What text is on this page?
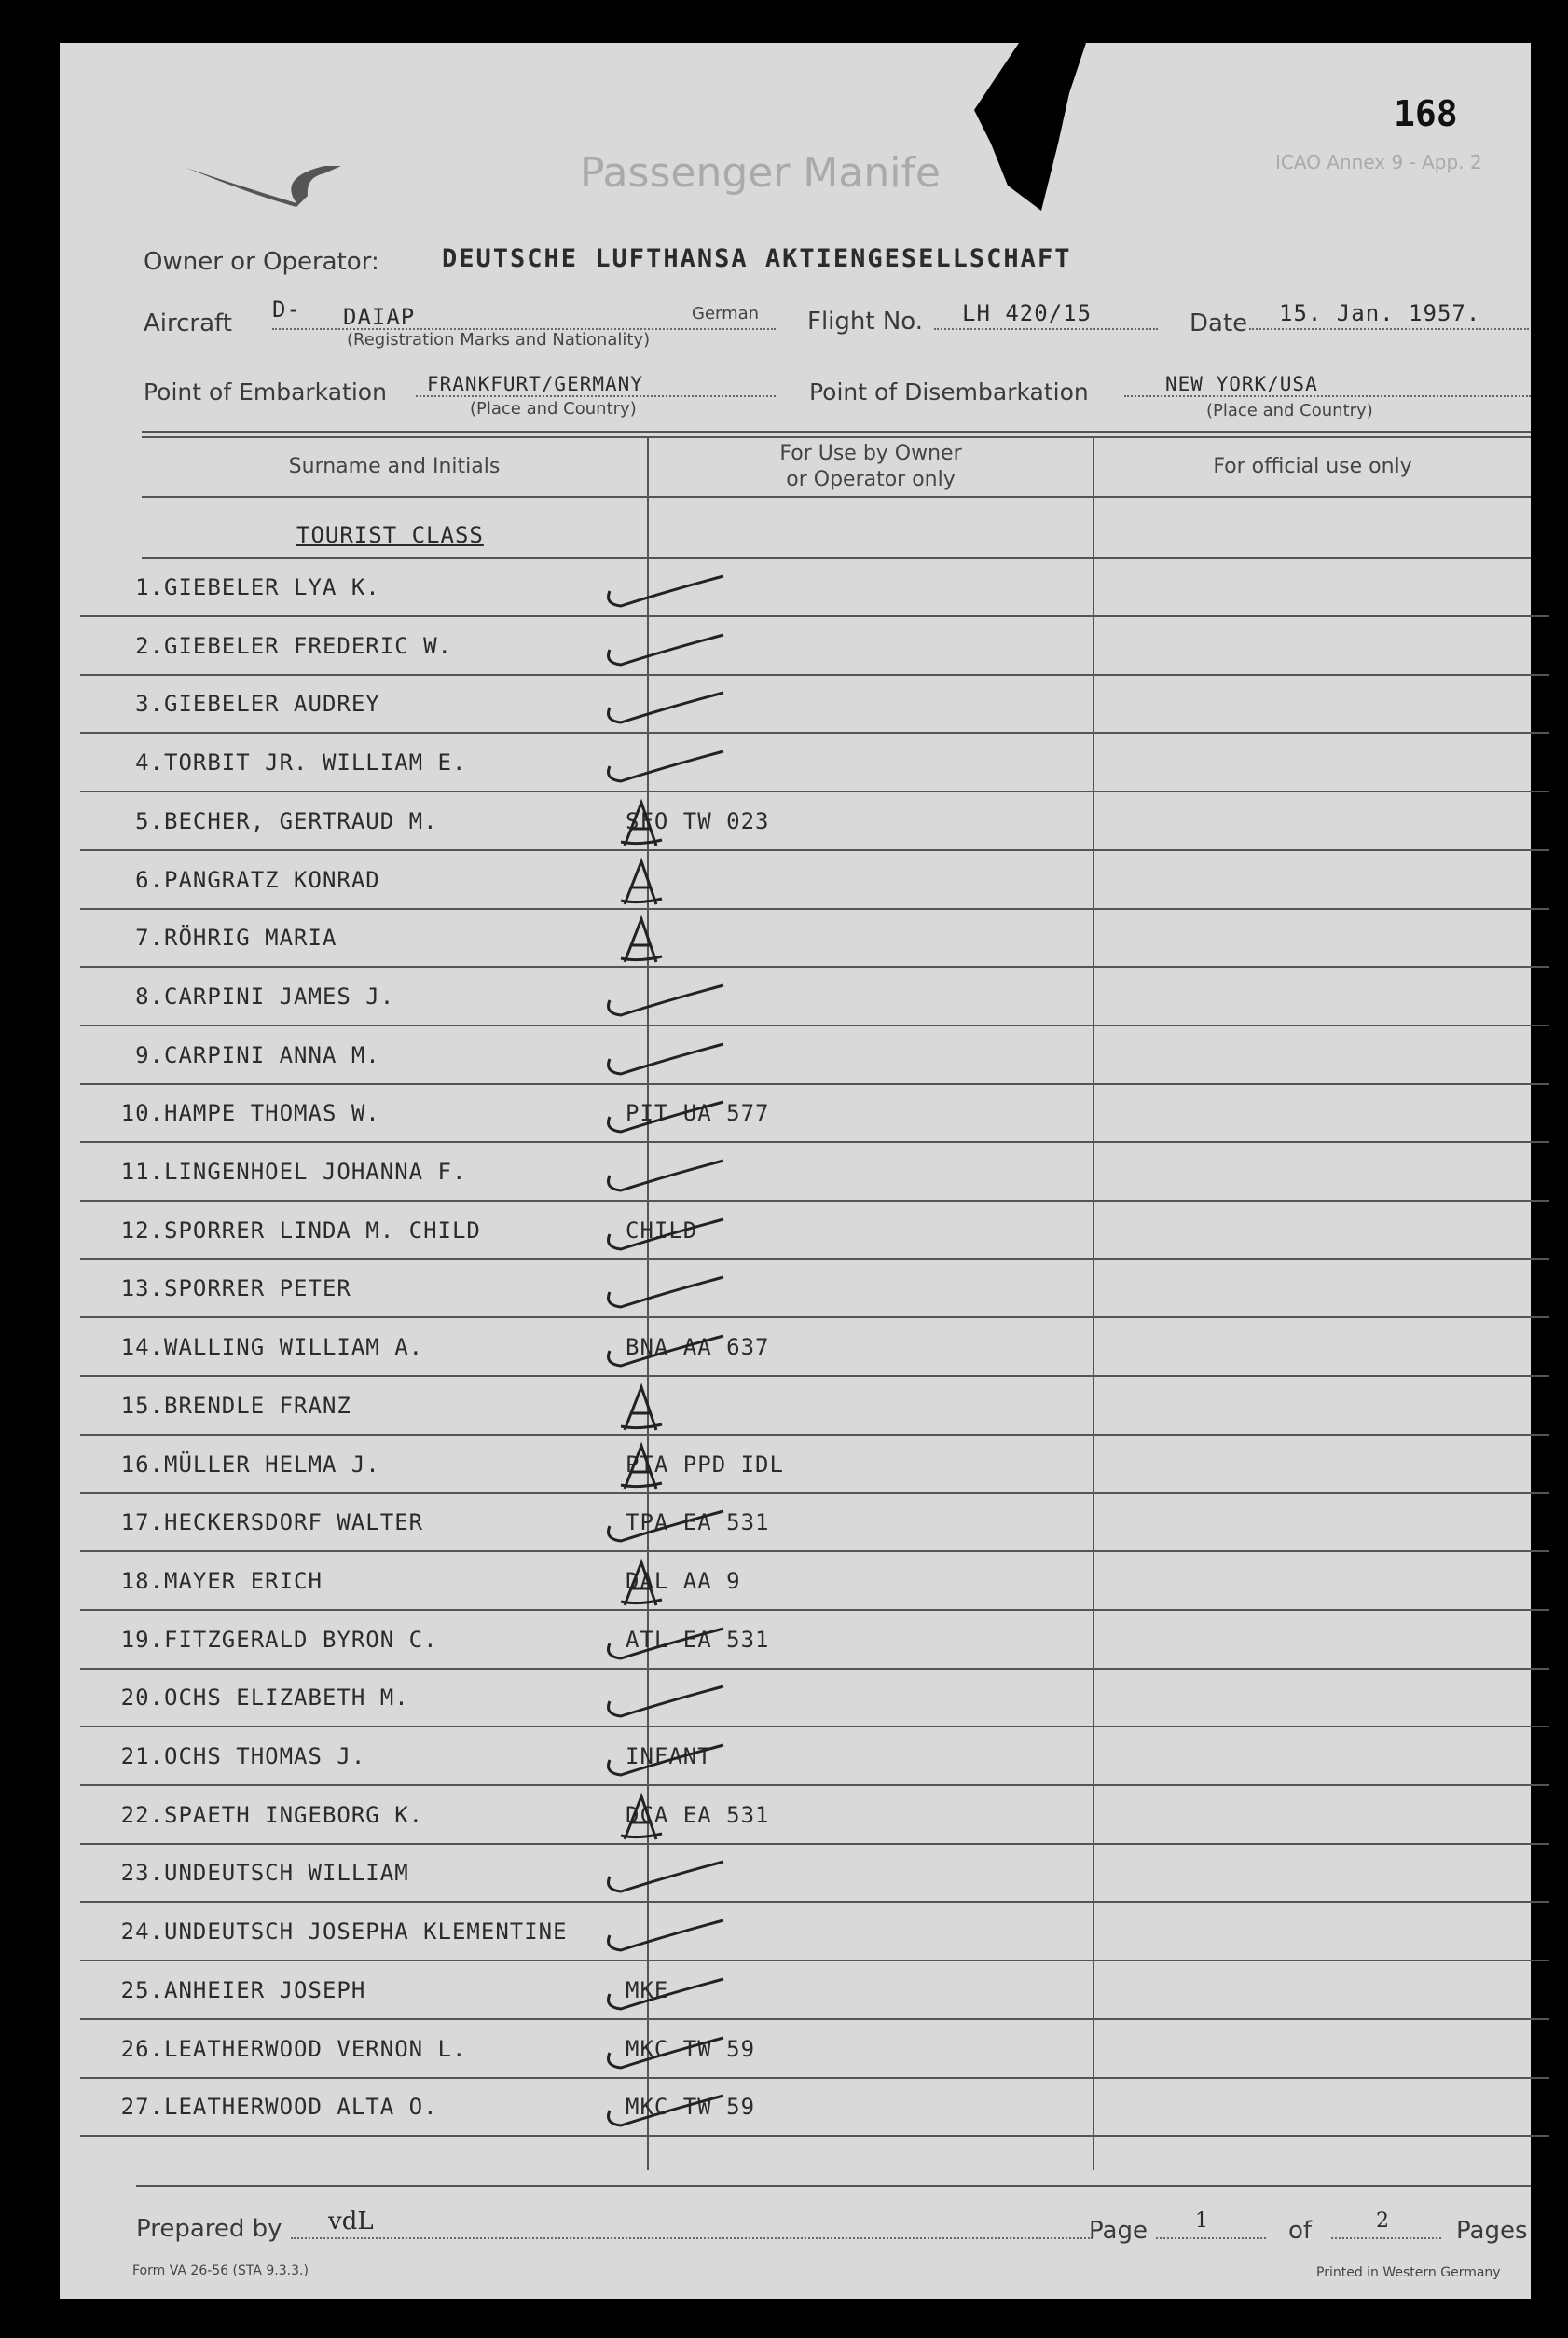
168
Passenger Manife	ICAO Annex 9 - App. 2
Owner or Operator: DEUTSCHE LUFTHANSA AKTIENGESELLSCHAFT
Aircraft D- DAIAP	German
(Registration Marks and Nationality)
Flight No. LH 420/15	Date 15. Jan. 1957.
Point of Embarkation FRANKFURT/GERMANY
(Place and Country)
Point of Disembarkation	NEW YORK/USA
(Place and Country)
Surname and Initials
For Use by Owner
or Operator only
For official use only
TOURIST CLASS
1. GIEBELER LYA K.
2. GIEBELER FREDERIC W.
3. GIEBELER AUDREY
4. TORBIT JR. WILLIAM E.
5. BECHER, GERTRAUD M.	SFO TW 023
6. PANGRATZ KONRAD
7. RÖHRIG MARIA
8. CARPINI JAMES J.
9. CARPINI ANNA M.
10. HAMPE THOMAS W.	PIT UA 577
11. LINGENHOEL JOHANNA F.
12. SPORRER LINDA M. CHILD	CHILD
13. SPORRER PETER
14. WALLING WILLIAM A.	BNA AA 637
15. BRENDLE FRANZ
16. MÜLLER HELMA J.	PTA PPD IDL
17. HECKERSDORF WALTER	TPA EA 531
18. MAYER ERICH	DAL AA 9
19. FITZGERALD BYRON C.	ATL EA 531
20. OCHS ELIZABETH M.
21. OCHS THOMAS J.	INFANT
22. SPAETH INGEBORG K.	DCA EA 531
23. UNDEUTSCH WILLIAM
24. UNDEUTSCH JOSEPHA KLEMENTINE
25. ANHEIER JOSEPH	MKE
26. LEATHERWOOD VERNON L.	MKC TW 59
27. LEATHERWOOD ALTA O.	MKC TW 59
Prepared by vdL	Page 1	of	2	Pages
Form VA 26-56 (STA 9.3.3.)	Printed in Western Germany
